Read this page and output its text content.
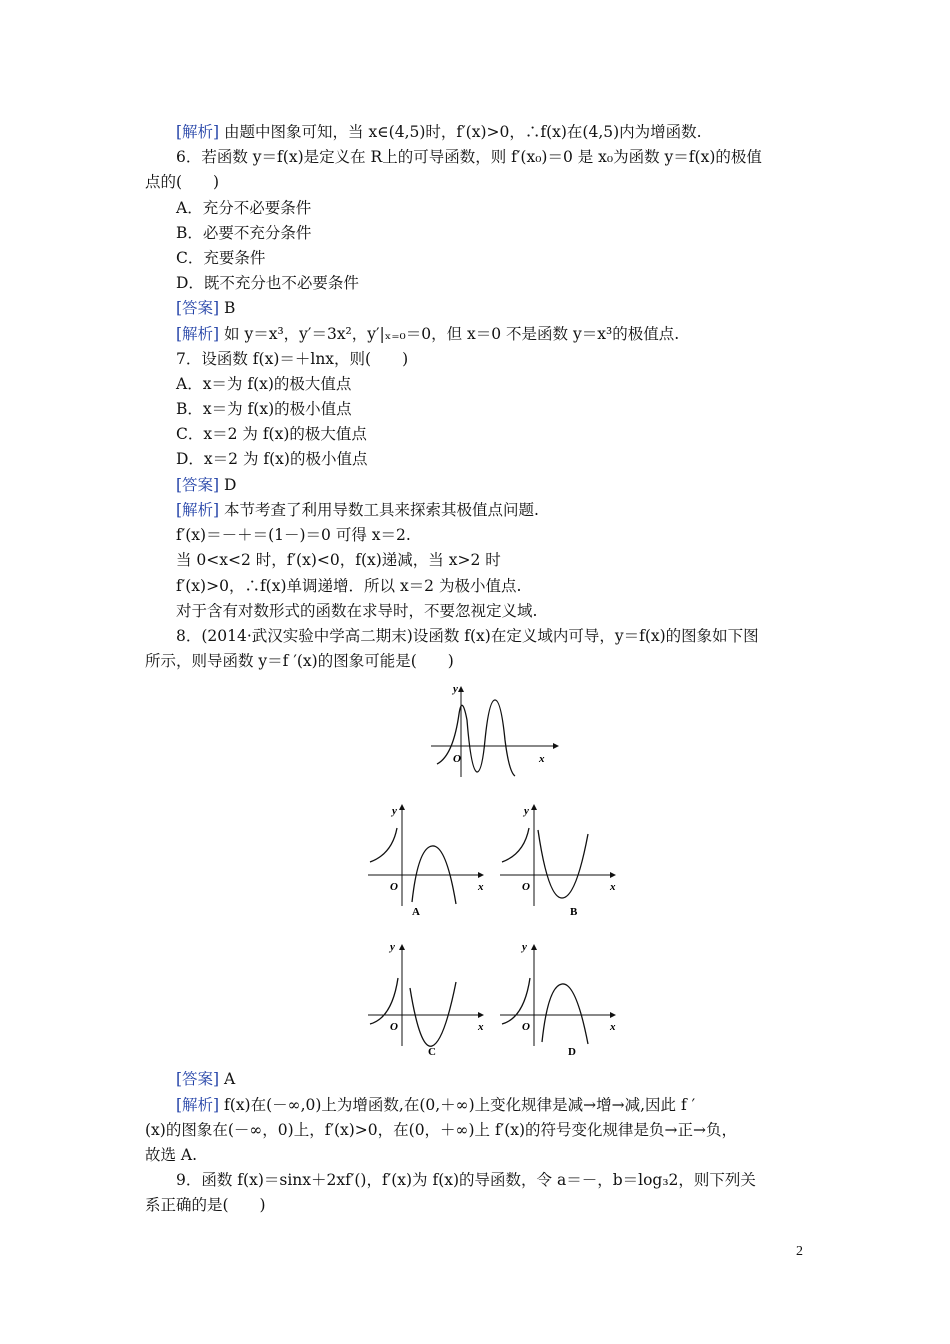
[解析] 由题中图象可知，当 x∈(4,5)时，f′(x)>0，∴f(x)在(4,5)内为增函数.
6．若函数 y＝f(x)是定义在 R上的可导函数，则 f′(x₀)＝0 是 x₀为函数 y＝f(x)的极值
点的(　　)
A．充分不必要条件
B．必要不充分条件
C．充要条件
D．既不充分也不必要条件
[答案] B
[解析] 如 y＝x³，y′＝3x²，y′|ₓ₌₀＝0，但 x＝0 不是函数 y＝x³的极值点.
7．设函数 f(x)＝＋lnx，则(　　)
A．x＝为 f(x)的极大值点
B．x＝为 f(x)的极小值点
C．x＝2 为 f(x)的极大值点
D．x＝2 为 f(x)的极小值点
[答案] D
[解析] 本节考查了利用导数工具来探索其极值点问题.
f′(x)＝－＋＝(1－)＝0 可得 x＝2.
当 0<x<2 时，f′(x)<0，f(x)递减，当 x>2 时
f′(x)>0，∴f(x)单调递增．所以 x＝2 为极小值点.
对于含有对数形式的函数在求导时，不要忽视定义域.
8．(2014·武汉实验中学高二期末)设函数 f(x)在定义域内可导，y＝f(x)的图象如下图
所示，则导函数 y＝f ′(x)的图象可能是(　　)
y
x
O
y
x
O
A
y
x
O
B
y
x
O
C
y
x
O
D
[答案] A
[解析] f(x)在(－∞,0)上为增函数,在(0,＋∞)上变化规律是减→增→减,因此 f ′
(x)的图象在(－∞，0)上，f′(x)>0，在(0，＋∞)上 f′(x)的符号变化规律是负→正→负，
故选 A.
9．函数 f(x)＝sinx＋2xf′()，f′(x)为 f(x)的导函数，令 a＝－，b＝log₃2，则下列关
系正确的是(　　)
2
